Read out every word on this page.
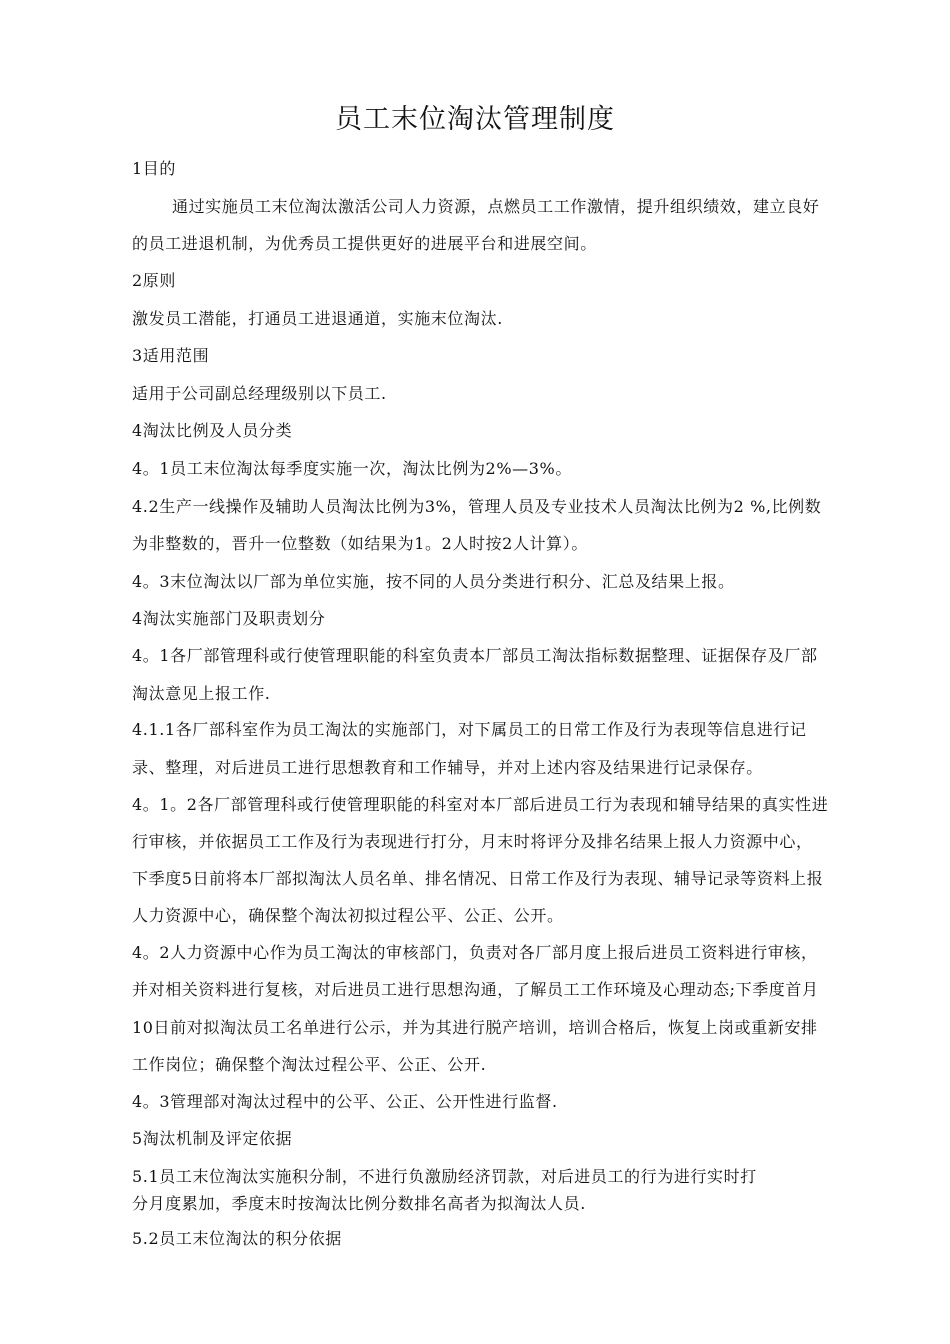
员工末位淘汰管理制度
1目的
通过实施员工末位淘汰激活公司人力资源，点燃员工工作激情，提升组织绩效，建立良好
的员工进退机制，为优秀员工提供更好的进展平台和进展空间。
2原则
激发员工潜能，打通员工进退通道，实施末位淘汰.
3适用范围
适用于公司副总经理级别以下员工.
4淘汰比例及人员分类
4。1员工末位淘汰每季度实施一次，淘汰比例为2%—3%。
4.2生产一线操作及辅助人员淘汰比例为3%，管理人员及专业技术人员淘汰比例为2 %,比例数
为非整数的，晋升一位整数（如结果为1。2人时按2人计算）。
4。3末位淘汰以厂部为单位实施，按不同的人员分类进行积分、汇总及结果上报。
4淘汰实施部门及职责划分
4。1各厂部管理科或行使管理职能的科室负责本厂部员工淘汰指标数据整理、证据保存及厂部
淘汰意见上报工作.
4.1.1各厂部科室作为员工淘汰的实施部门，对下属员工的日常工作及行为表现等信息进行记
录、整理，对后进员工进行思想教育和工作辅导，并对上述内容及结果进行记录保存。
4。1。2各厂部管理科或行使管理职能的科室对本厂部后进员工行为表现和辅导结果的真实性进
行审核，并依据员工工作及行为表现进行打分，月末时将评分及排名结果上报人力资源中心，
下季度5日前将本厂部拟淘汰人员名单、排名情况、日常工作及行为表现、辅导记录等资料上报
人力资源中心，确保整个淘汰初拟过程公平、公正、公开。
4。2人力资源中心作为员工淘汰的审核部门，负责对各厂部月度上报后进员工资料进行审核，
并对相关资料进行复核，对后进员工进行思想沟通，了解员工工作环境及心理动态;下季度首月
10日前对拟淘汰员工名单进行公示，并为其进行脱产培训，培训合格后，恢复上岗或重新安排
工作岗位；确保整个淘汰过程公平、公正、公开.
4。3管理部对淘汰过程中的公平、公正、公开性进行监督.
5淘汰机制及评定依据
5.1员工末位淘汰实施积分制，不进行负激励经济罚款，对后进员工的行为进行实时打
分月度累加，季度末时按淘汰比例分数排名高者为拟淘汰人员.
5.2员工末位淘汰的积分依据
